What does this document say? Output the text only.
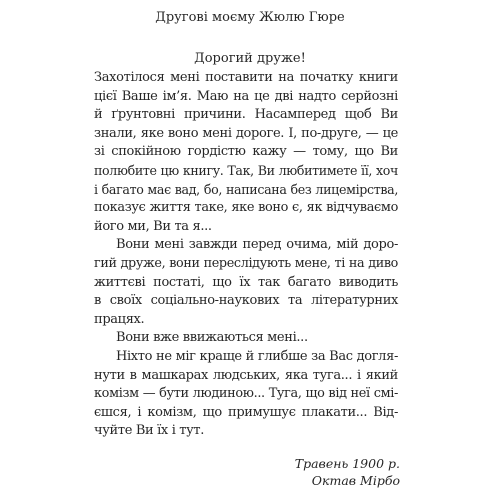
Другові моєму Жюлю Гюре
Дорогий друже!
Захотілося мені поставити на початку книги
цієї Ваше ім’я. Маю на це дві надто серйозні
й ґрунтовні причини. Насамперед щоб Ви
знали, яке воно мені дороге. І, по-друге, — це
зі спокійною гордістю кажу — тому, що Ви
полюбите цю книгу. Так, Ви любитимете її, хоч
і багато має вад, бо, написана без лицемірства,
показує життя таке, яке воно є, як відчуваємо
його ми, Ви та я...
Вони мені завжди перед очима, мій доро-
гий друже, вони переслідують мене, ті на диво
життєві постаті, що їх так багато виводить
в своїх соціально-наукових та літературних
працях.
Вони вже ввижаються мені...
Ніхто не міг краще й глибше за Вас догля-
нути в машкарах людських, яка туга... і який
комізм — бути людиною... Туга, що від неї смі-
єшся, і комізм, що примушує плакати... Від-
чуйте Ви їх і тут.
Травень 1900 р.
Октав Мірбо
